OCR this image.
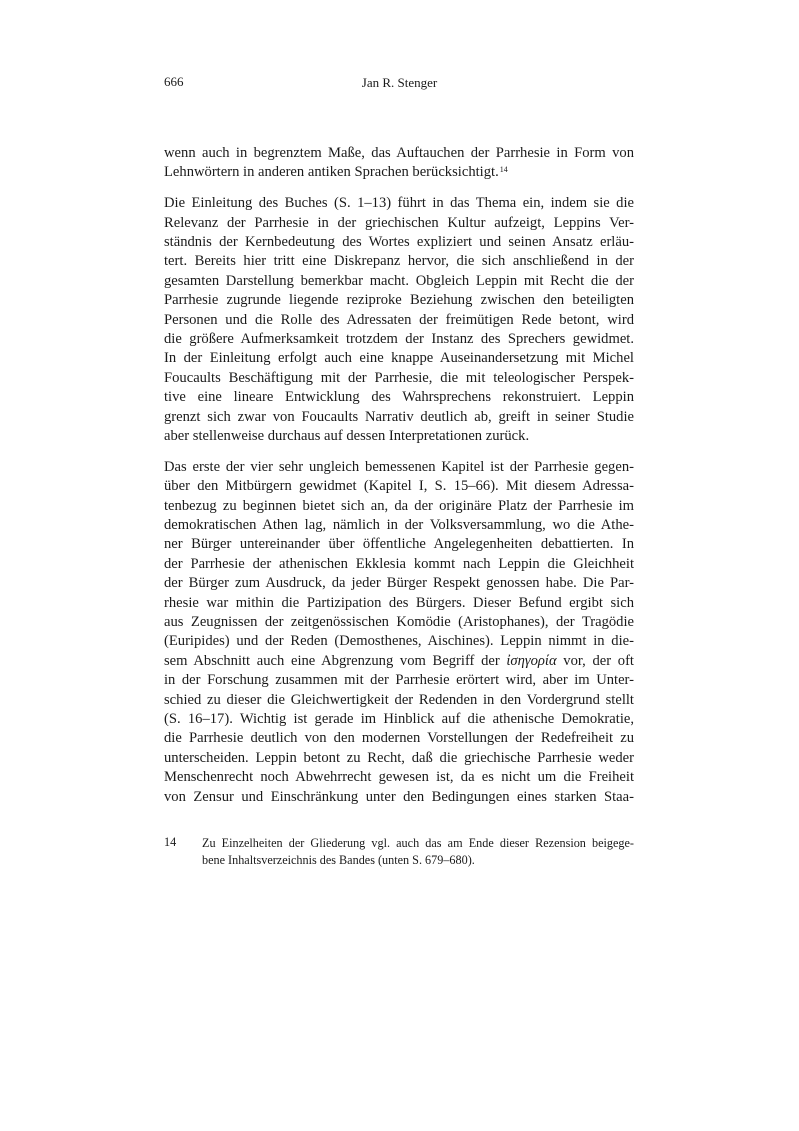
666	Jan R. Stenger
wenn auch in begrenztem Maße, das Auftauchen der Parrhesie in Form von
Lehnwörtern in anderen antiken Sprachen berücksichtigt.$^{14}$
Die Einleitung des Buches (S. 1–13) führt in das Thema ein, indem sie die
Relevanz der Parrhesie in der griechischen Kultur aufzeigt, Leppins Ver-
ständnis der Kernbedeutung des Wortes expliziert und seinen Ansatz erläu-
tert. Bereits hier tritt eine Diskrepanz hervor, die sich anschließend in der
gesamten Darstellung bemerkbar macht. Obgleich Leppin mit Recht die der
Parrhesie zugrunde liegende reziproke Beziehung zwischen den beteiligten
Personen und die Rolle des Adressaten der freimütigen Rede betont, wird
die größere Aufmerksamkeit trotzdem der Instanz des Sprechers gewidmet.
In der Einleitung erfolgt auch eine knappe Auseinandersetzung mit Michel
Foucaults Beschäftigung mit der Parrhesie, die mit teleologischer Perspek-
tive eine lineare Entwicklung des Wahrsprechens rekonstruiert. Leppin
grenzt sich zwar von Foucaults Narrativ deutlich ab, greift in seiner Studie
aber stellenweise durchaus auf dessen Interpretationen zurück.
Das erste der vier sehr ungleich bemessenen Kapitel ist der Parrhesie gegen-
über den Mitbürgern gewidmet (Kapitel I, S. 15–66). Mit diesem Adressa-
tenbezug zu beginnen bietet sich an, da der originäre Platz der Parrhesie im
demokratischen Athen lag, nämlich in der Volksversammlung, wo die Athe-
ner Bürger untereinander über öffentliche Angelegenheiten debattierten. In
der Parrhesie der athenischen Ekklesia kommt nach Leppin die Gleichheit
der Bürger zum Ausdruck, da jeder Bürger Respekt genossen habe. Die Par-
rhesie war mithin die Partizipation des Bürgers. Dieser Befund ergibt sich
aus Zeugnissen der zeitgenössischen Komödie (Aristophanes), der Tragödie
(Euripides) und der Reden (Demosthenes, Aischines). Leppin nimmt in die-
sem Abschnitt auch eine Abgrenzung vom Begriff der ἰσηγορία vor, der oft
in der Forschung zusammen mit der Parrhesie erörtert wird, aber im Unter-
schied zu dieser die Gleichwertigkeit der Redenden in den Vordergrund stellt
(S. 16–17). Wichtig ist gerade im Hinblick auf die athenische Demokratie,
die Parrhesie deutlich von den modernen Vorstellungen der Redefreiheit zu
unterscheiden. Leppin betont zu Recht, daß die griechische Parrhesie weder
Menschenrecht noch Abwehrrecht gewesen ist, da es nicht um die Freiheit
von Zensur und Einschränkung unter den Bedingungen eines starken Staa-
14 Zu Einzelheiten der Gliederung vgl. auch das am Ende dieser Rezension beigege-
bene Inhaltsverzeichnis des Bandes (unten S. 679–680).
